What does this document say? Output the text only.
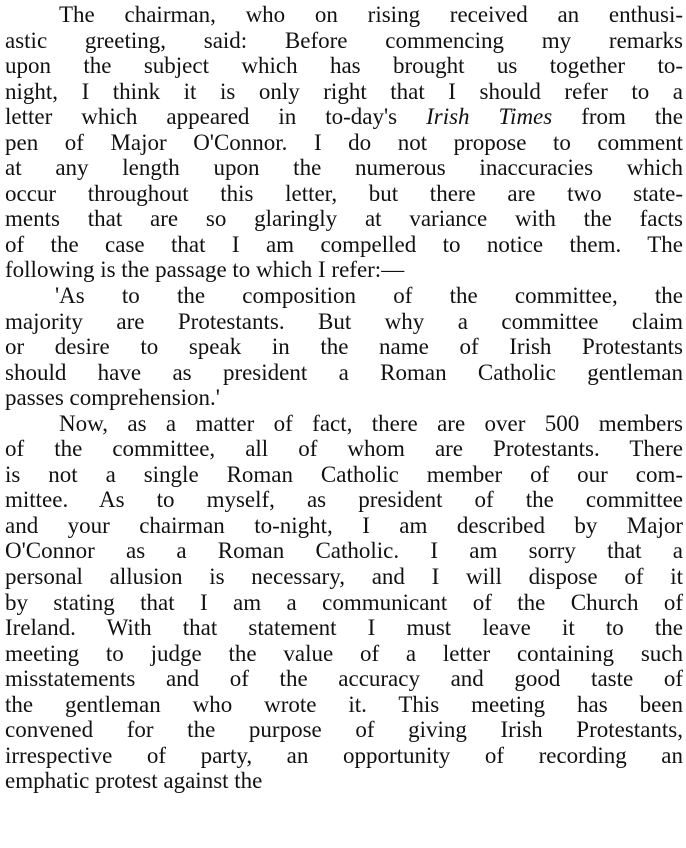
The chairman, who on rising received an enthusi-
astic greeting, said: Before commencing my remarks
upon the subject which has brought us together to-
night, I think it is only right that I should refer to a
letter which appeared in to-day's Irish Times from the
pen of Major O'Connor. I do not propose to comment
at any length upon the numerous inaccuracies which
occur throughout this letter, but there are two state-
ments that are so glaringly at variance with the facts
of the case that I am compelled to notice them. The
following is the passage to which I refer:—
'As to the composition of the committee, the
majority are Protestants. But why a committee claim
or desire to speak in the name of Irish Protestants
should have as president a Roman Catholic gentleman
passes comprehension.'
Now, as a matter of fact, there are over 500 members
of the committee, all of whom are Protestants. There
is not a single Roman Catholic member of our com-
mittee. As to myself, as president of the committee
and your chairman to-night, I am described by Major
O'Connor as a Roman Catholic. I am sorry that a
personal allusion is necessary, and I will dispose of it
by stating that I am a communicant of the Church of
Ireland. With that statement I must leave it to the
meeting to judge the value of a letter containing such
misstatements and of the accuracy and good taste of
the gentleman who wrote it. This meeting has been
convened for the purpose of giving Irish Protestants,
irrespective of party, an opportunity of recording an
emphatic protest against the
